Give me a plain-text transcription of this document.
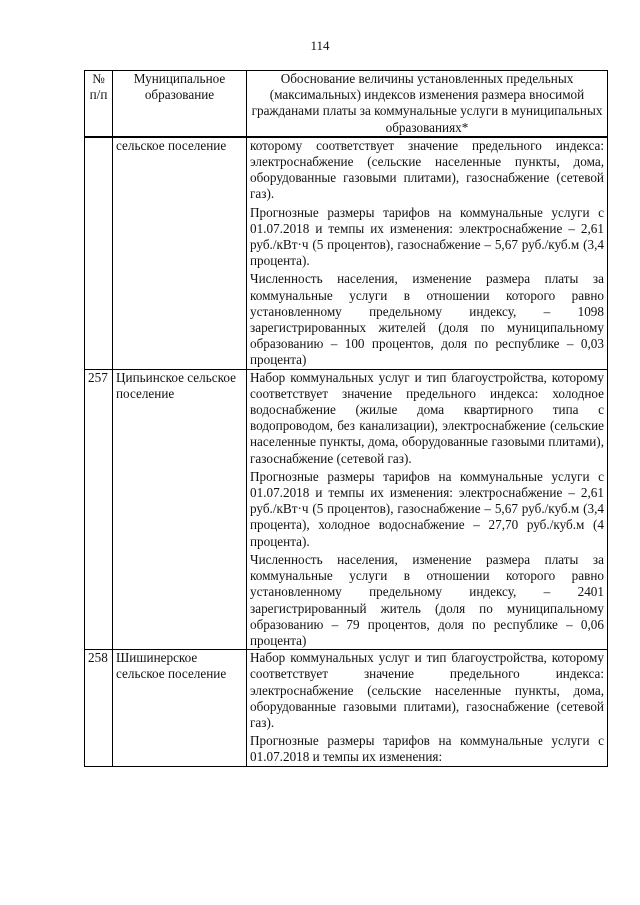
114
№ п/п	Муниципальное образование	Обоснование величины установленных предельных (максимальных) индексов изменения размера вносимой гражданами платы за коммунальные услуги в муниципальных образованиях*
	сельское поселение	которому соответствует значение предельного индекса: электроснабжение (сельские населенные пункты, дома, оборудованные газовыми плитами), газоснабжение (сетевой газ).

Прогнозные размеры тарифов на коммунальные услуги с 01.07.2018 и темпы их изменения: электроснабжение – 2,61 руб./кВт·ч (5 процентов), газоснабжение – 5,67 руб./куб.м (3,4 процента).

Численность населения, изменение размера платы за коммунальные услуги в отношении которого равно установленному предельному индексу, – 1098 зарегистрированных жителей (доля по муниципальному образованию – 100 процентов, доля по республике – 0,03 процента)

257	Ципьинское сельское поселение	Набор коммунальных услуг и тип благоустройства, которому соответствует значение предельного индекса: холодное водоснабжение (жилые дома квартирного типа с водопроводом, без канализации), электроснабжение (сельские населенные пункты, дома, оборудованные газовыми плитами), газоснабжение (сетевой газ).

Прогнозные размеры тарифов на коммунальные услуги с 01.07.2018 и темпы их изменения: электроснабжение – 2,61 руб./кВт·ч (5 процентов), газоснабжение – 5,67 руб./куб.м (3,4 процента), холодное водоснабжение – 27,70 руб./куб.м (4 процента).

Численность населения, изменение размера платы за коммунальные услуги в отношении которого равно установленному предельному индексу, – 2401 зарегистрированный житель (доля по муниципальному образованию – 79 процентов, доля по республике – 0,06 процента)

258	Шишинерское сельское поселение	Набор коммунальных услуг и тип благоустройства, которому соответствует значение предельного индекса: электроснабжение (сельские населенные пункты, дома, оборудованные газовыми плитами), газоснабжение (сетевой газ).

Прогнозные размеры тарифов на коммунальные услуги с 01.07.2018 и темпы их изменения:
